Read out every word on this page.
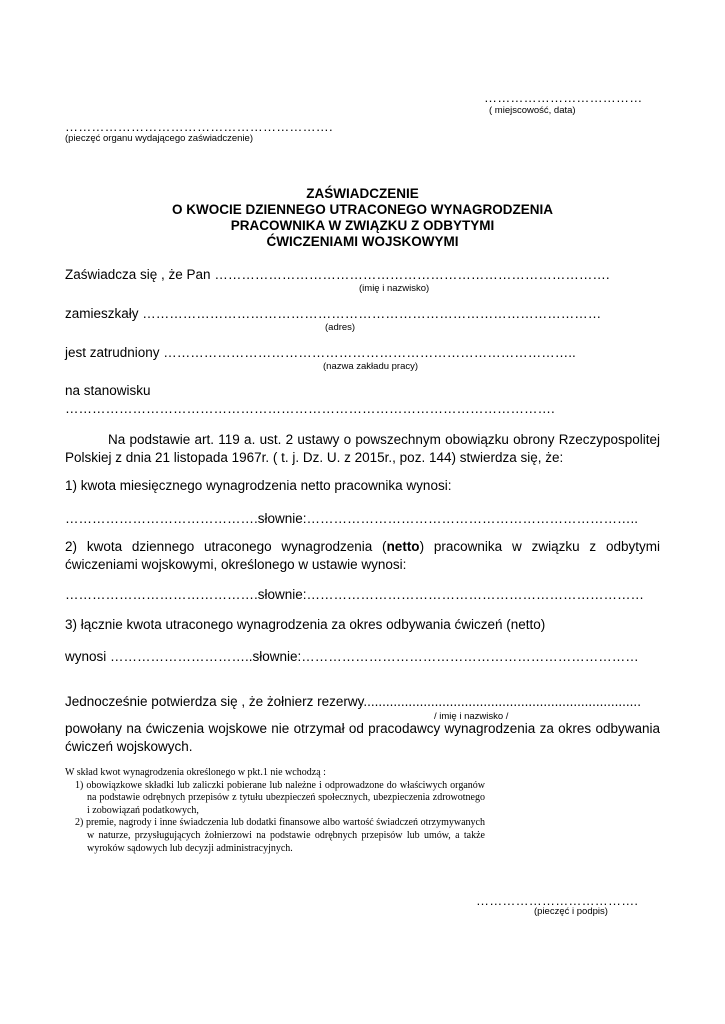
………………………………
( miejscowość, data)
…………………………………………………….
(pieczęć organu wydającego zaświadczenie)
ZAŚWIADCZENIE
O KWOCIE DZIENNEGO UTRACONEGO WYNAGRODZENIA
PRACOWNIKA W ZWIĄZKU Z ODBYTYMI
ĆWICZENIAMI WOJSKOWYMI
Zaświadcza się , że Pan …………………………………………………………………………….
(imię i nazwisko)
zamieszkały …………………………………………………………………………………………
(adres)
jest zatrudniony ………………………………………………………………………………..
(nazwa zakładu pracy)
na stanowisku
……………………………………………………………………………………………….
Na podstawie art. 119 a. ust. 2 ustawy o powszechnym obowiązku obrony Rzeczypospolitej Polskiej z dnia 21 listopada 1967r. ( t. j. Dz. U. z 2015r., poz. 144) stwierdza się, że:
1) kwota miesięcznego wynagrodzenia netto pracownika wynosi:
…………………………………….słownie:………………………………………………………………..
2) kwota dziennego utraconego wynagrodzenia (netto) pracownika w związku z odbytymi ćwiczeniami wojskowymi, określonego w ustawie wynosi:
…………………………………….słownie:…………………………………………………………………
3) łącznie kwota utraconego wynagrodzenia za okres odbywania ćwiczeń (netto)
wynosi …………………………..słownie:…………………………………………………………………
Jednocześnie potwierdza się , że żołnierz rezerwy..........................................................................
/ imię i nazwisko /
powołany na ćwiczenia wojskowe nie otrzymał od pracodawcy wynagrodzenia za okres odbywania ćwiczeń wojskowych.
W skład kwot wynagrodzenia określonego w pkt.1 nie wchodzą :
1) obowiązkowe składki lub zaliczki pobierane lub należne i odprowadzone do właściwych organów na podstawie odrębnych przepisów z tytułu ubezpieczeń społecznych, ubezpieczenia zdrowotnego i zobowiązań podatkowych,
2) premie, nagrody i inne świadczenia lub dodatki finansowe albo wartość świadczeń otrzymywanych w naturze, przysługujących żołnierzowi na podstawie odrębnych przepisów lub umów, a także wyroków sądowych lub decyzji administracyjnych.
……………………………….
(pieczęć i podpis)
